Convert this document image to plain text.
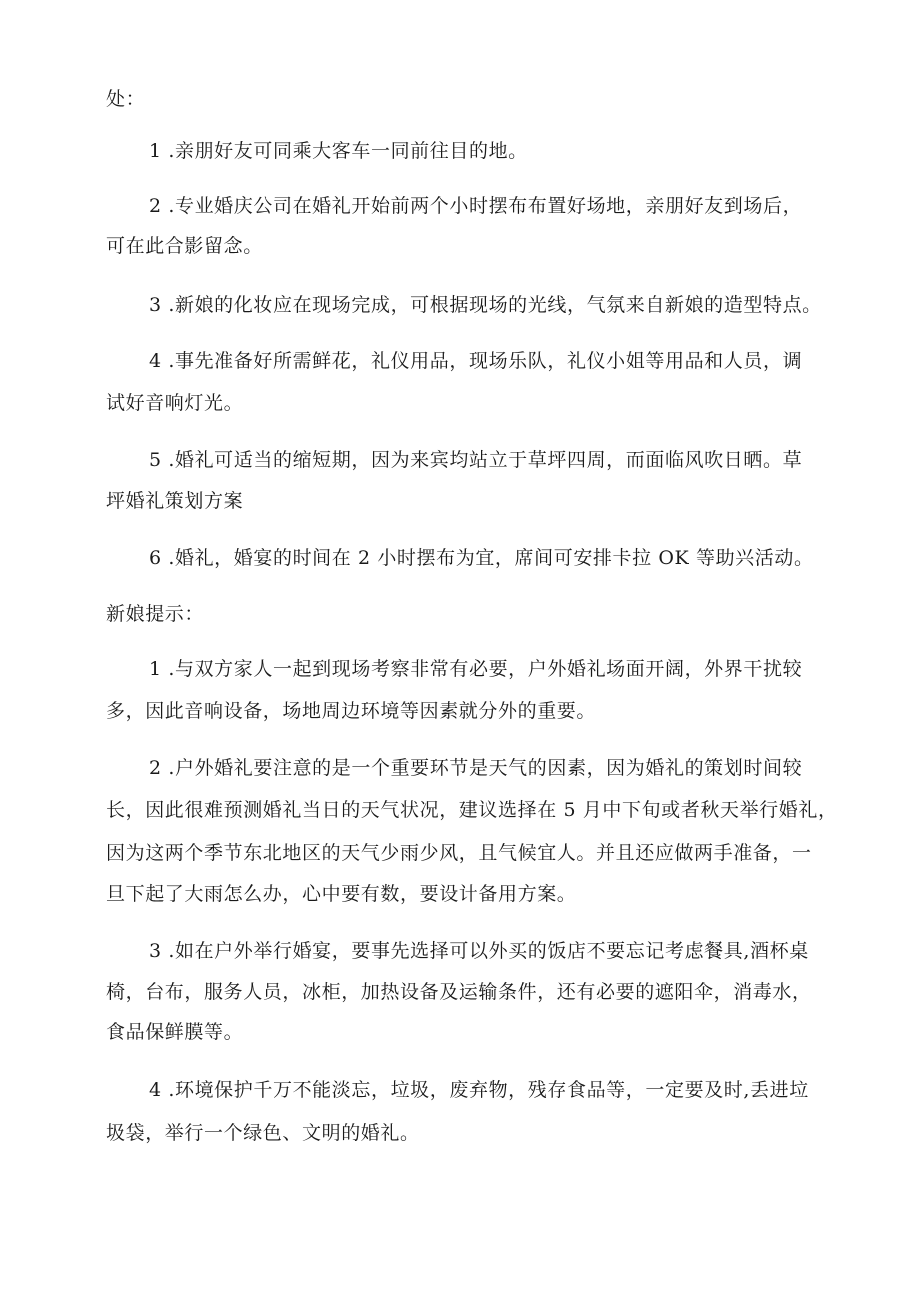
处：

1 .亲朋好友可同乘大客车一同前往目的地。

2 .专业婚庆公司在婚礼开始前两个小时摆布布置好场地，亲朋好友到场后，

可在此合影留念。

3 .新娘的化妆应在现场完成，可根据现场的光线，气氛来自新娘的造型特点。

4 .事先准备好所需鲜花，礼仪用品，现场乐队，礼仪小姐等用品和人员，调

试好音响灯光。

5 .婚礼可适当的缩短期，因为来宾均站立于草坪四周，而面临风吹日晒。草

坪婚礼策划方案

6 .婚礼，婚宴的时间在 2 小时摆布为宜，席间可安排卡拉 OK 等助兴活动。

新娘提示：

1 .与双方家人一起到现场考察非常有必要，户外婚礼场面开阔，外界干扰较

多，因此音响设备，场地周边环境等因素就分外的重要。

2 .户外婚礼要注意的是一个重要环节是天气的因素，因为婚礼的策划时间较

长，因此很难预测婚礼当日的天气状况，建议选择在 5 月中下旬或者秋天举行婚礼，

因为这两个季节东北地区的天气少雨少风，且气候宜人。并且还应做两手准备，一

旦下起了大雨怎么办，心中要有数，要设计备用方案。

3 .如在户外举行婚宴，要事先选择可以外买的饭店不要忘记考虑餐具,酒杯桌

椅，台布，服务人员，冰柜，加热设备及运输条件，还有必要的遮阳伞，消毒水，

食品保鲜膜等。

4 .环境保护千万不能淡忘，垃圾，废弃物，残存食品等，一定要及时,丢进垃

圾袋，举行一个绿色、文明的婚礼。
